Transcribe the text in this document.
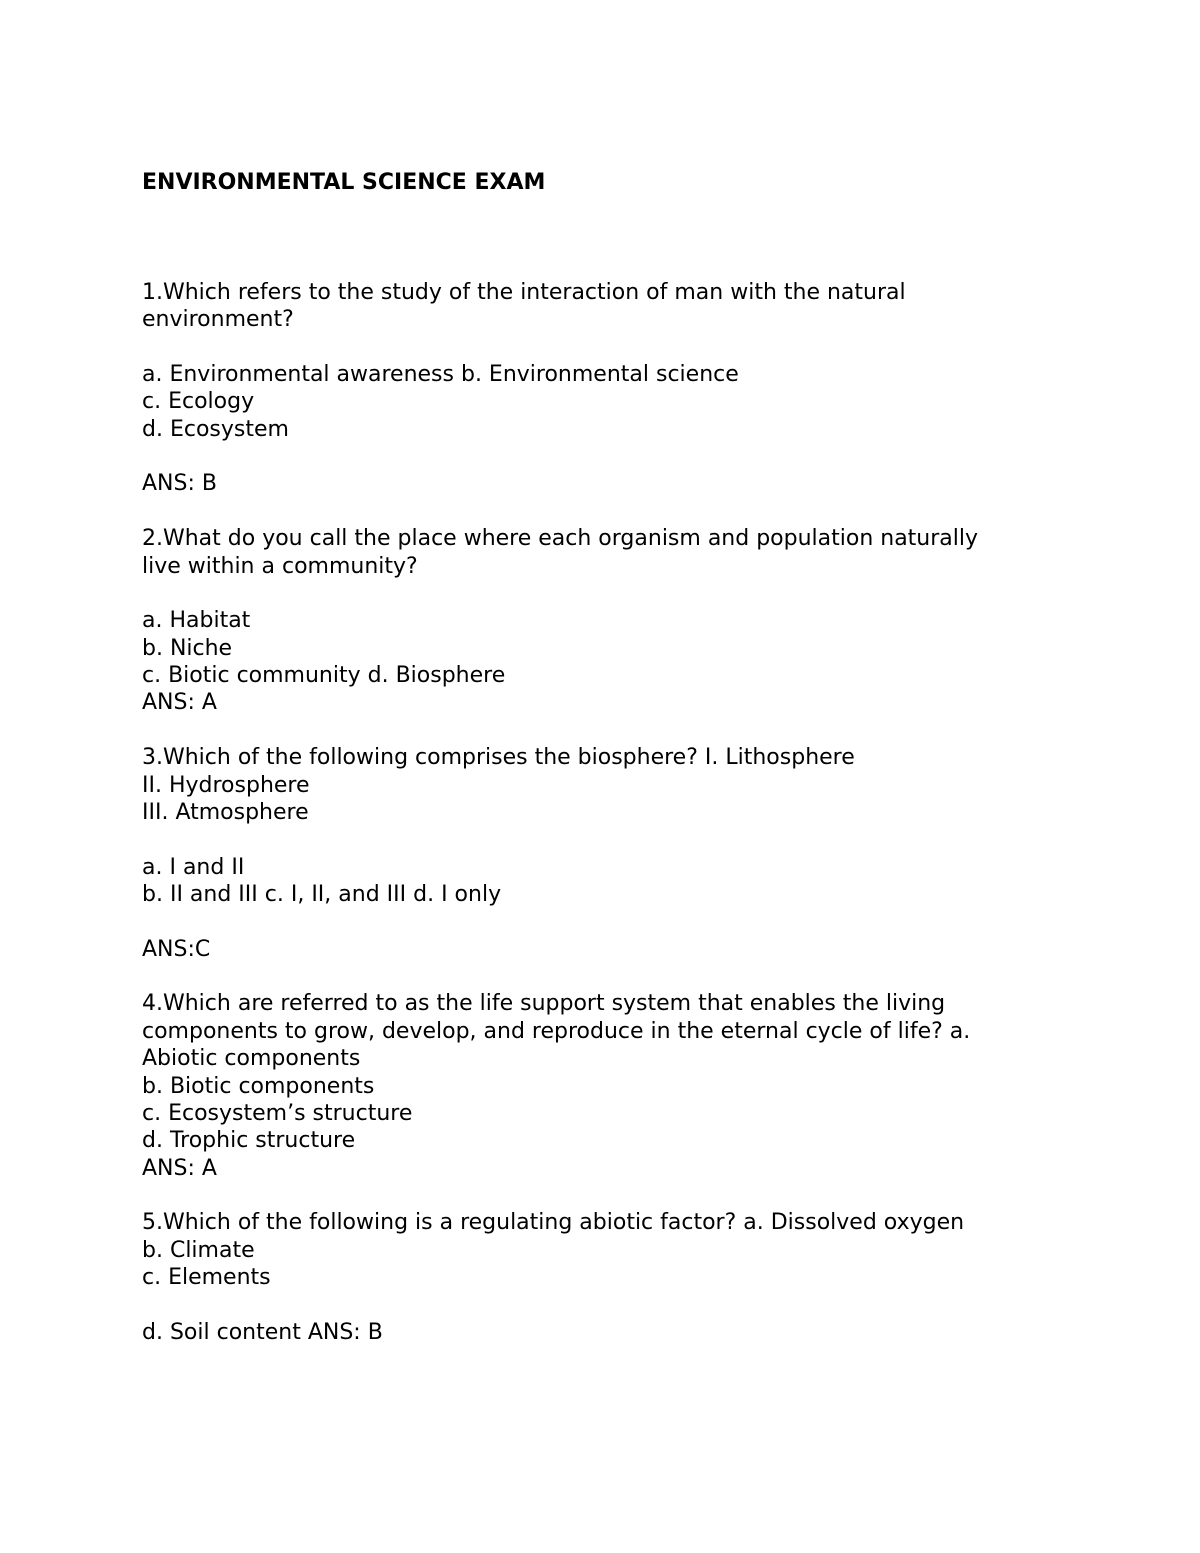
ENVIRONMENTAL SCIENCE EXAM

1.Which refers to the study of the interaction of man with the natural

environment?

a. Environmental awareness b. Environmental science

c. Ecology

d. Ecosystem

ANS: B

2.What do you call the place where each organism and population naturally

live within a community?

a. Habitat

b. Niche

c. Biotic community d. Biosphere

ANS: A

3.Which of the following comprises the biosphere? I. Lithosphere

II. Hydrosphere

III. Atmosphere

a. I and II

b. II and III c. I, II, and III d. I only

ANS:C

4.Which are referred to as the life support system that enables the living

components to grow, develop, and reproduce in the eternal cycle of life? a.

Abiotic components

b. Biotic components

c. Ecosystem’s structure

d. Trophic structure

ANS: A

5.Which of the following is a regulating abiotic factor? a. Dissolved oxygen

b. Climate

c. Elements

d. Soil content ANS: B
